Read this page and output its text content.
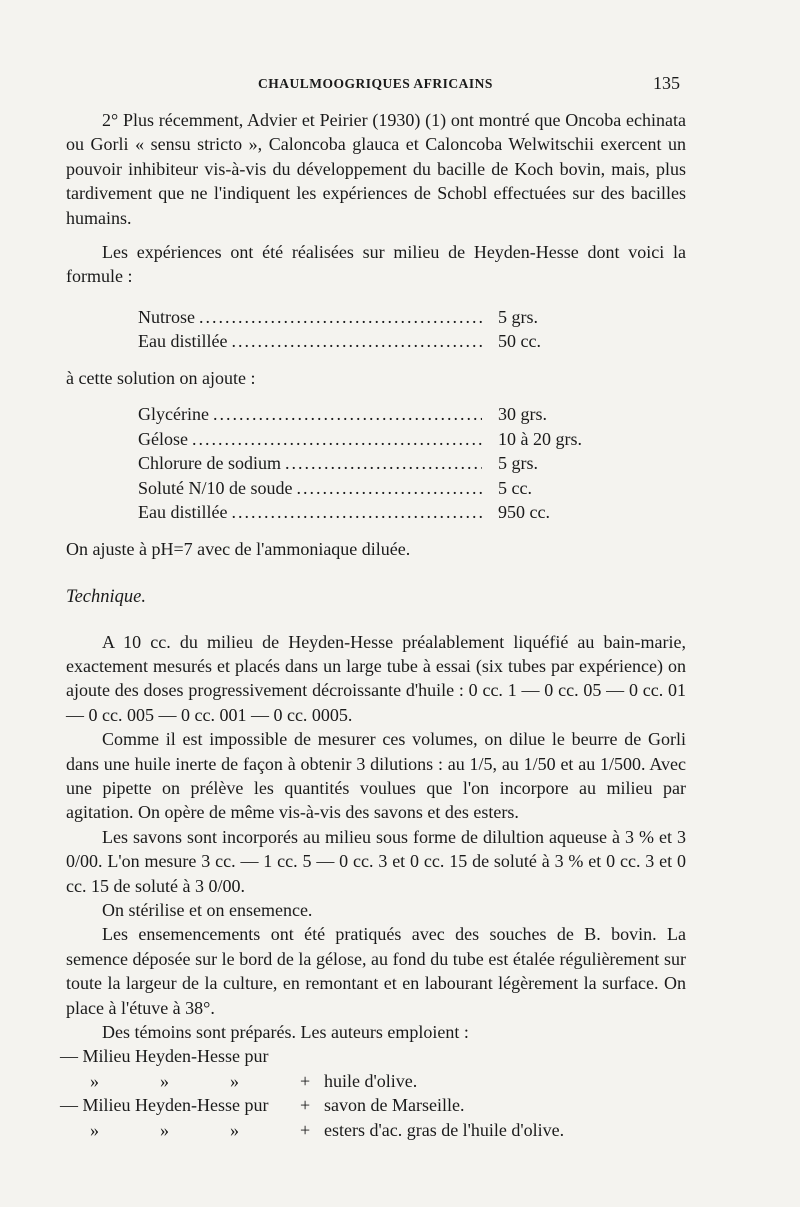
CHAULMOOGRIQUES AFRICAINS	135

2° Plus récemment, Advier et Peirier (1930) (1) ont montré que Oncoba echinata ou Gorli « sensu stricto », Caloncoba glauca et Caloncoba Welwitschii exercent un pouvoir inhibiteur vis-à-vis du développement du bacille de Koch bovin, mais, plus tardivement que ne l'indiquent les expériences de Schobl effectuées sur des bacilles humains.

Les expériences ont été réalisées sur milieu de Heyden-Hesse dont voici la formule :

Nutrose .....	5 grs.
Eau distillée .....	50 cc.

à cette solution on ajoute :

Glycérine .....	30 grs.
Gélose .....	10 à 20 grs.
Chlorure de sodium .....	5 grs.
Soluté N/10 de soude .....	5 cc.
Eau distillée .....	950 cc.

On ajuste à pH=7 avec de l'ammoniaque diluée.

Technique.

A 10 cc. du milieu de Heyden-Hesse préalablement liquéfié au bain-marie, exactement mesurés et placés dans un large tube à essai (six tubes par expérience) on ajoute des doses progressivement décroissante d'huile : 0 cc. 1 — 0 cc. 05 — 0 cc. 01 — 0 cc. 005 — 0 cc. 001 — 0 cc. 0005.

Comme il est impossible de mesurer ces volumes, on dilue le beurre de Gorli dans une huile inerte de façon à obtenir 3 dilutions : au 1/5, au 1/50 et au 1/500. Avec une pipette on prélève les quantités voulues que l'on incorpore au milieu par agitation. On opère de même vis-à-vis des savons et des esters.

Les savons sont incorporés au milieu sous forme de dilultion aqueuse à 3 % et 3 0/00. L'on mesure 3 cc. — 1 cc. 5 — 0 cc. 3 et 0 cc. 15 de soluté à 3 % et 0 cc. 3 et 0 cc. 15 de soluté à 3 0/00.

On stérilise et on ensemence.

Les ensemencements ont été pratiqués avec des souches de B. bovin. La semence déposée sur le bord de la gélose, au fond du tube est étalée régulièrement sur toute la largeur de la culture, en remontant et en labourant légèrement la surface. On place à l'étuve à 38°.

Des témoins sont préparés. Les auteurs emploient :

— Milieu Heyden-Hesse pur
»	»	»	+ huile d'olive.
— Milieu Heyden-Hesse pur	+ savon de Marseille.
»	»	»	+ esters d'ac. gras de l'huile d'olive.
